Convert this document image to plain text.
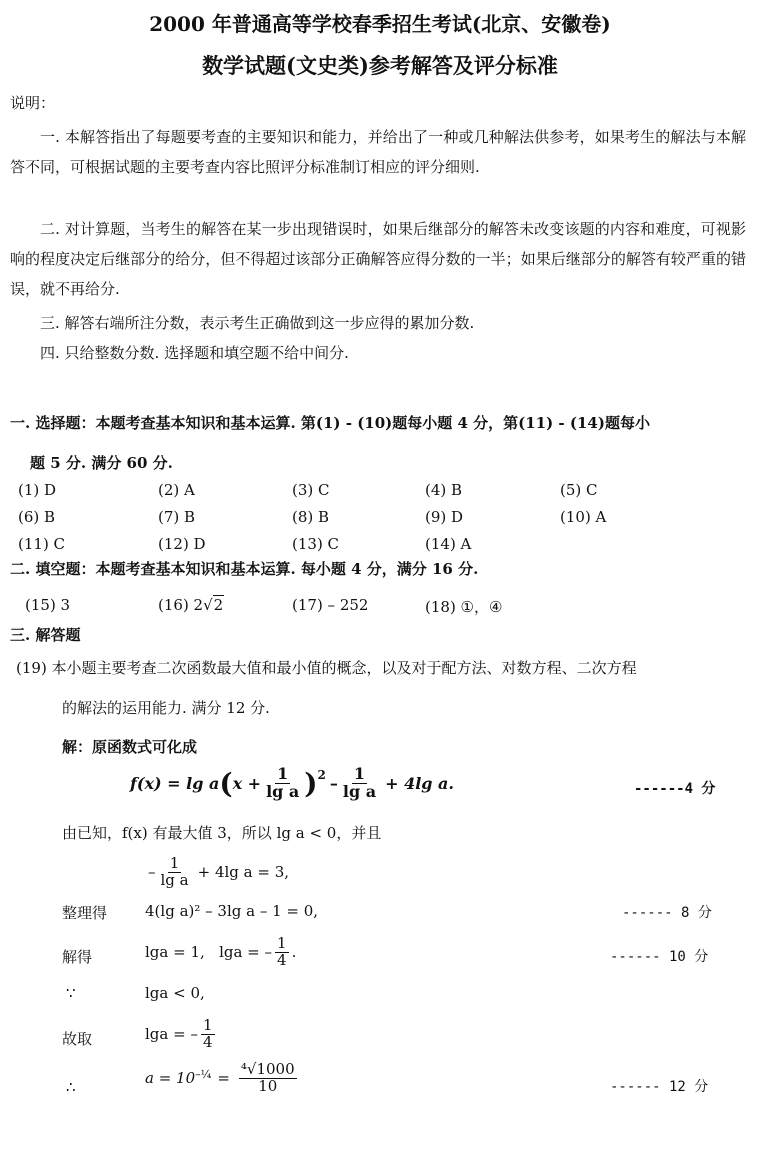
2000 年普通高等学校春季招生考试(北京、安徽卷)
数学试题(文史类)参考解答及评分标准
说明：
一. 本解答指出了每题要考查的主要知识和能力，并给出了一种或几种解法供参考，如果考生的解法与本解答不同，可根据试题的主要考查内容比照评分标准制订相应的评分细则.
二. 对计算题，当考生的解答在某一步出现错误时，如果后继部分的解答未改变该题的内容和难度，可视影响的程度决定后继部分的给分，但不得超过该部分正确解答应得分数的一半；如果后继部分的解答有较严重的错误，就不再给分.
三. 解答右端所注分数，表示考生正确做到这一步应得的累加分数.
四. 只给整数分数. 选择题和填空题不给中间分.
一. 选择题：本题考查基本知识和基本运算. 第(1) - (10)题每小题 4 分，第(11) - (14)题每小
题 5 分. 满分 60 分.
(1) D	(2) A	(3) C	(4) B	(5) C
(6) B	(7) B	(8) B	(9) D	(10) A
(11) C	(12) D	(13) C	(14) A
二. 填空题：本题考查基本知识和基本运算. 每小题 4 分，满分 16 分.
(15) 3	(16) 2√2	(17) – 252	(18) ①，④
三. 解答题
(19) 本小题主要考查二次函数最大值和最小值的概念，以及对于配方法、对数方程、二次方程
的解法的运用能力. 满分 12 分.
解：原函数式可化成
f(x) = lg a ( $x + \frac{1}{\text{lg a}} )^2 - \frac{1}{\text{lg a}} + 4\lg$ a.	------4 分
由已知，f(x) 有最大值 3，所以 lg a < 0，并且
– $\frac{1}{\text{lg a}} + 4\lg$ a = 3,
整理得	4(lg a)² – 3lg a – 1 = 0,	------ 8 分
解得	lga = 1,   lga = – $\frac{1}{4}$ .	------ 10 分
∵	lga < 0,
故取	lga = – $\frac{1}{4}$
∴	$a = 10^{-\frac{1}{4}} = \frac{\text{⁴√1000}}{10}$	------ 12 分
